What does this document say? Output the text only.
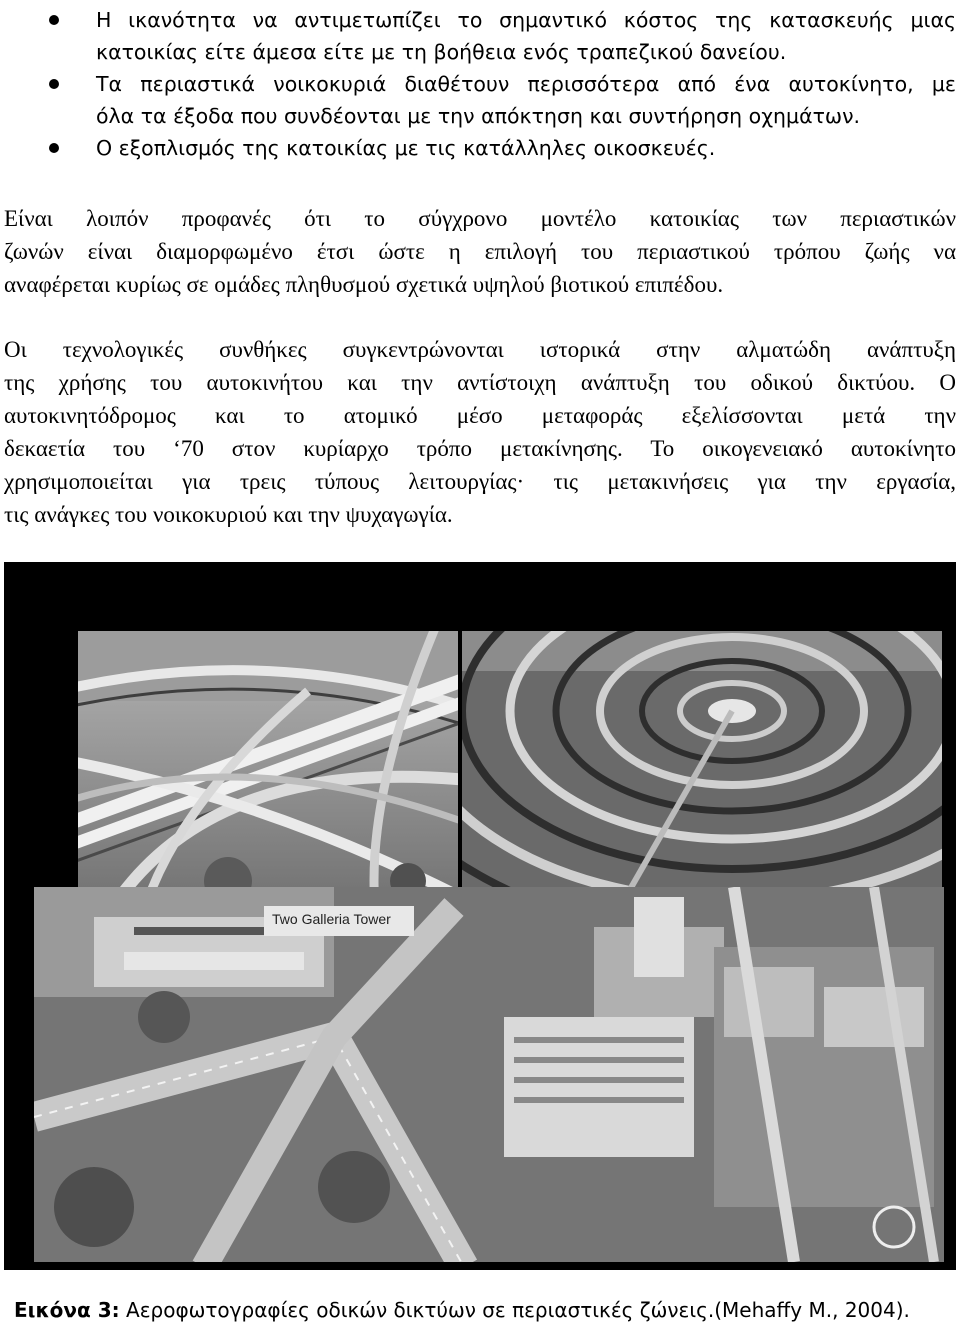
Η ικανότητα να αντιμετωπίζει το σημαντικό κόστος της κατασκευής μιας
κατοικίας είτε άμεσα είτε με τη βοήθεια ενός τραπεζικού δανείου.
Τα περιαστικά νοικοκυριά διαθέτουν περισσότερα από ένα αυτοκίνητο, με
όλα τα έξοδα που συνδέονται με την απόκτηση και συντήρηση οχημάτων.
Ο εξοπλισμός της κατοικίας με τις κατάλληλες οικοσκευές.
Είναι λοιπόν προφανές ότι το σύγχρονο μοντέλο κατοικίας των περιαστικών
ζωνών είναι διαμορφωμένο έτσι ώστε η επιλογή του περιαστικού τρόπου ζωής να
αναφέρεται κυρίως σε ομάδες πληθυσμού σχετικά υψηλού βιοτικού επιπέδου.
Οι τεχνολογικές συνθήκες συγκεντρώνονται ιστορικά στην αλματώδη ανάπτυξη
της χρήσης του αυτοκινήτου και την αντίστοιχη ανάπτυξη του οδικού δικτύου. Ο
αυτοκινητόδρομος και το ατομικό μέσο μεταφοράς εξελίσσονται μετά την
δεκαετία του ‘70 στον κυρίαρχο τρόπο μετακίνησης. Το οικογενειακό αυτοκίνητο
χρησιμοποιείται για τρεις τύπους λειτουργίας· τις μετακινήσεις για την εργασία,
τις ανάγκες του νοικοκυριού και την ψυχαγωγία.
Two Galleria Tower
Εικόνα 3: Αεροφωτογραφίες οδικών δικτύων σε περιαστικές ζώνεις.(Mehaffy M., 2004).
